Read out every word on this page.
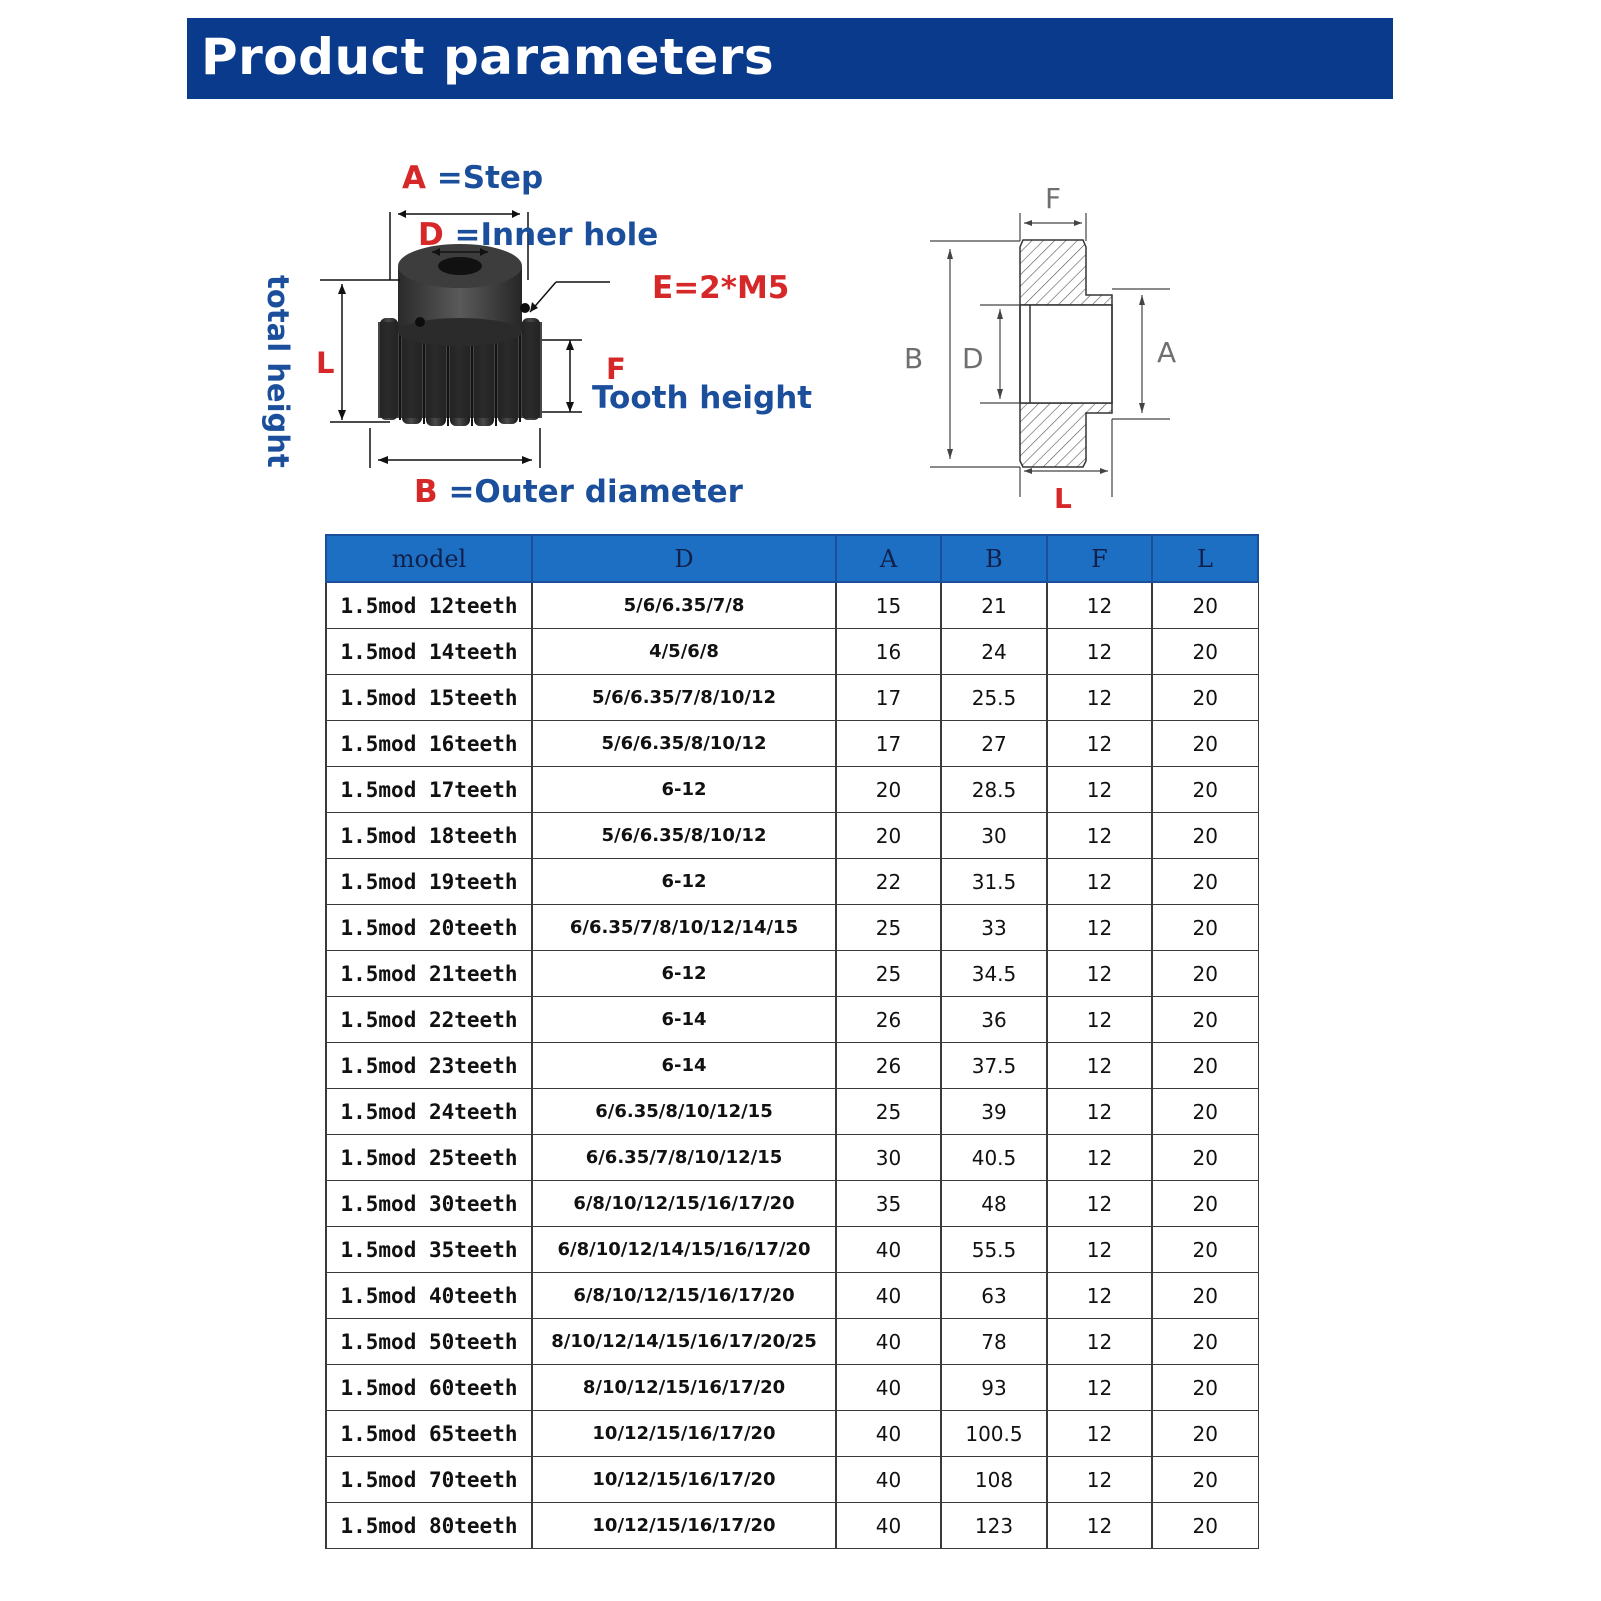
Product parameters
A =Step
D =Inner hole
E=2*M5
F
Tooth height
L
total height
B =Outer diameter
F
B D	A
L
model	D	A	B	F	L
1.5mod 12teeth	5/6/6.35/7/8	15	21	12	20
1.5mod 14teeth	4/5/6/8	16	24	12	20
1.5mod 15teeth	5/6/6.35/7/8/10/12	17	25.5	12	20
1.5mod 16teeth	5/6/6.35/8/10/12	17	27	12	20
1.5mod 17teeth	6-12	20	28.5	12	20
1.5mod 18teeth	5/6/6.35/8/10/12	20	30	12	20
1.5mod 19teeth	6-12	22	31.5	12	20
1.5mod 20teeth	6/6.35/7/8/10/12/14/15	25	33	12	20
1.5mod 21teeth	6-12	25	34.5	12	20
1.5mod 22teeth	6-14	26	36	12	20
1.5mod 23teeth	6-14	26	37.5	12	20
1.5mod 24teeth	6/6.35/8/10/12/15	25	39	12	20
1.5mod 25teeth	6/6.35/7/8/10/12/15	30	40.5	12	20
1.5mod 30teeth	6/8/10/12/15/16/17/20	35	48	12	20
1.5mod 35teeth	6/8/10/12/14/15/16/17/20	40	55.5	12	20
1.5mod 40teeth	6/8/10/12/15/16/17/20	40	63	12	20
1.5mod 50teeth	8/10/12/14/15/16/17/20/25	40	78	12	20
1.5mod 60teeth	8/10/12/15/16/17/20	40	93	12	20
1.5mod 65teeth	10/12/15/16/17/20	40	100.5	12	20
1.5mod 70teeth	10/12/15/16/17/20	40	108	12	20
1.5mod 80teeth	10/12/15/16/17/20	40	123	12	20
